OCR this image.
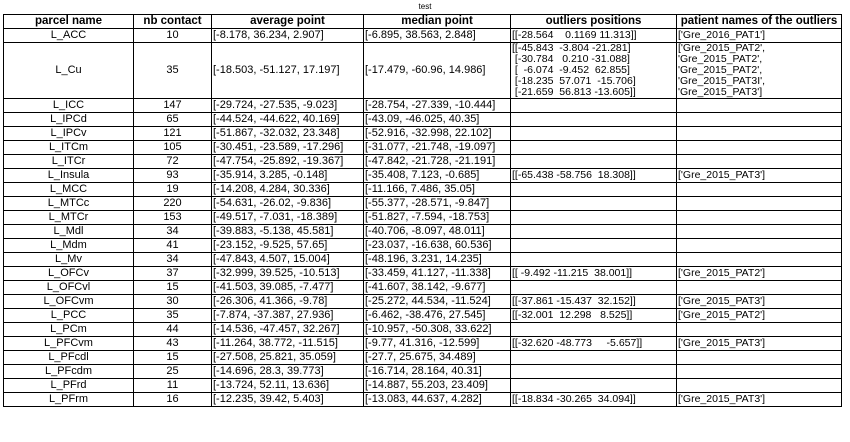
test
parcel name	nb contact	average point	median point	outliers positions	patient names of the outliers
L_ACC	10	[-8.178, 36.234, 2.907]	[-6.895, 38.563, 2.848]	[[-28.564    0.1169 11.313]]	['Gre_2016_PAT1']

L_Cu	35	[-18.503, -51.127, 17.197]	[-17.479, -60.96, 14.986]	[[-45.843  -3.804 -21.281]
[-30.784   0.210 -31.088]
[  -6.074  -9.452  62.855]
[-18.235  57.071  -15.706]
[-21.659  56.813 -13.605]]	['Gre_2015_PAT2',
'Gre_2015_PAT2',
'Gre_2015_PAT2',
'Gre_2015_PAT3I',
'Gre_2015_PAT3']

L_ICC	147	[-29.724, -27.535, -9.023]	[-28.754, -27.339, -10.444]		
L_IPCd	65	[-44.524, -44.622, 40.169]	[-43.09, -46.025, 40.35]		
L_IPCv	121	[-51.867, -32.032, 23.348]	[-52.916, -32.998, 22.102]		
L_ITCm	105	[-30.451, -23.589, -17.296]	[-31.077, -21.748, -19.097]		
L_ITCr	72	[-47.754, -25.892, -19.367]	[-47.842, -21.728, -21.191]		
L_Insula	93	[-35.914, 3.285, -0.148]	[-35.408, 7.123, -0.685]	[[-65.438 -58.756  18.308]]	['Gre_2015_PAT3']

L_MCC	19	[-14.208, 4.284, 30.336]	[-11.166, 7.486, 35.05]		
L_MTCc	220	[-54.631, -26.02, -9.836]	[-55.377, -28.571, -9.847]		
L_MTCr	153	[-49.517, -7.031, -18.389]	[-51.827, -7.594, -18.753]		
L_Mdl	34	[-39.883, -5.138, 45.581]	[-40.706, -8.097, 48.011]		
L_Mdm	41	[-23.152, -9.525, 57.65]	[-23.037, -16.638, 60.536]		
L_Mv	34	[-47.843, 4.507, 15.004]	[-48.196, 3.231, 14.235]		
L_OFCv	37	[-32.999, 39.525, -10.513]	[-33.459, 41.127, -11.338]	[[ -9.492 -11.215  38.001]]	['Gre_2015_PAT2']

L_OFCvl	15	[-41.503, 39.085, -7.477]	[-41.607, 38.142, -9.677]		
L_OFCvm	30	[-26.306, 41.366, -9.78]	[-25.272, 44.534, -11.524]	[[-37.861 -15.437  32.152]]	['Gre_2015_PAT3']

L_PCC	35	[-7.874, -37.387, 27.936]	[-6.462, -38.476, 27.545]	[[-32.001  12.298   8.525]]	['Gre_2015_PAT2']

L_PCm	44	[-14.536, -47.457, 32.267]	[-10.957, -50.308, 33.622]		
L_PFCvm	43	[-11.264, 38.772, -11.515]	[-9.77, 41.316, -12.599]	[[-32.620 -48.773     -5.657]]	['Gre_2015_PAT3']

L_PFcdl	15	[-27.508, 25.821, 35.059]	[-27.7, 25.675, 34.489]		
L_PFcdm	25	[-14.696, 28.3, 39.773]	[-16.714, 28.164, 40.31]		
L_PFrd	11	[-13.724, 52.11, 13.636]	[-14.887, 55.203, 23.409]		
L_PFrm	16	[-12.235, 39.42, 5.403]	[-13.083, 44.637, 4.282]	[[-18.834 -30.265  34.094]]	['Gre_2015_PAT3']
